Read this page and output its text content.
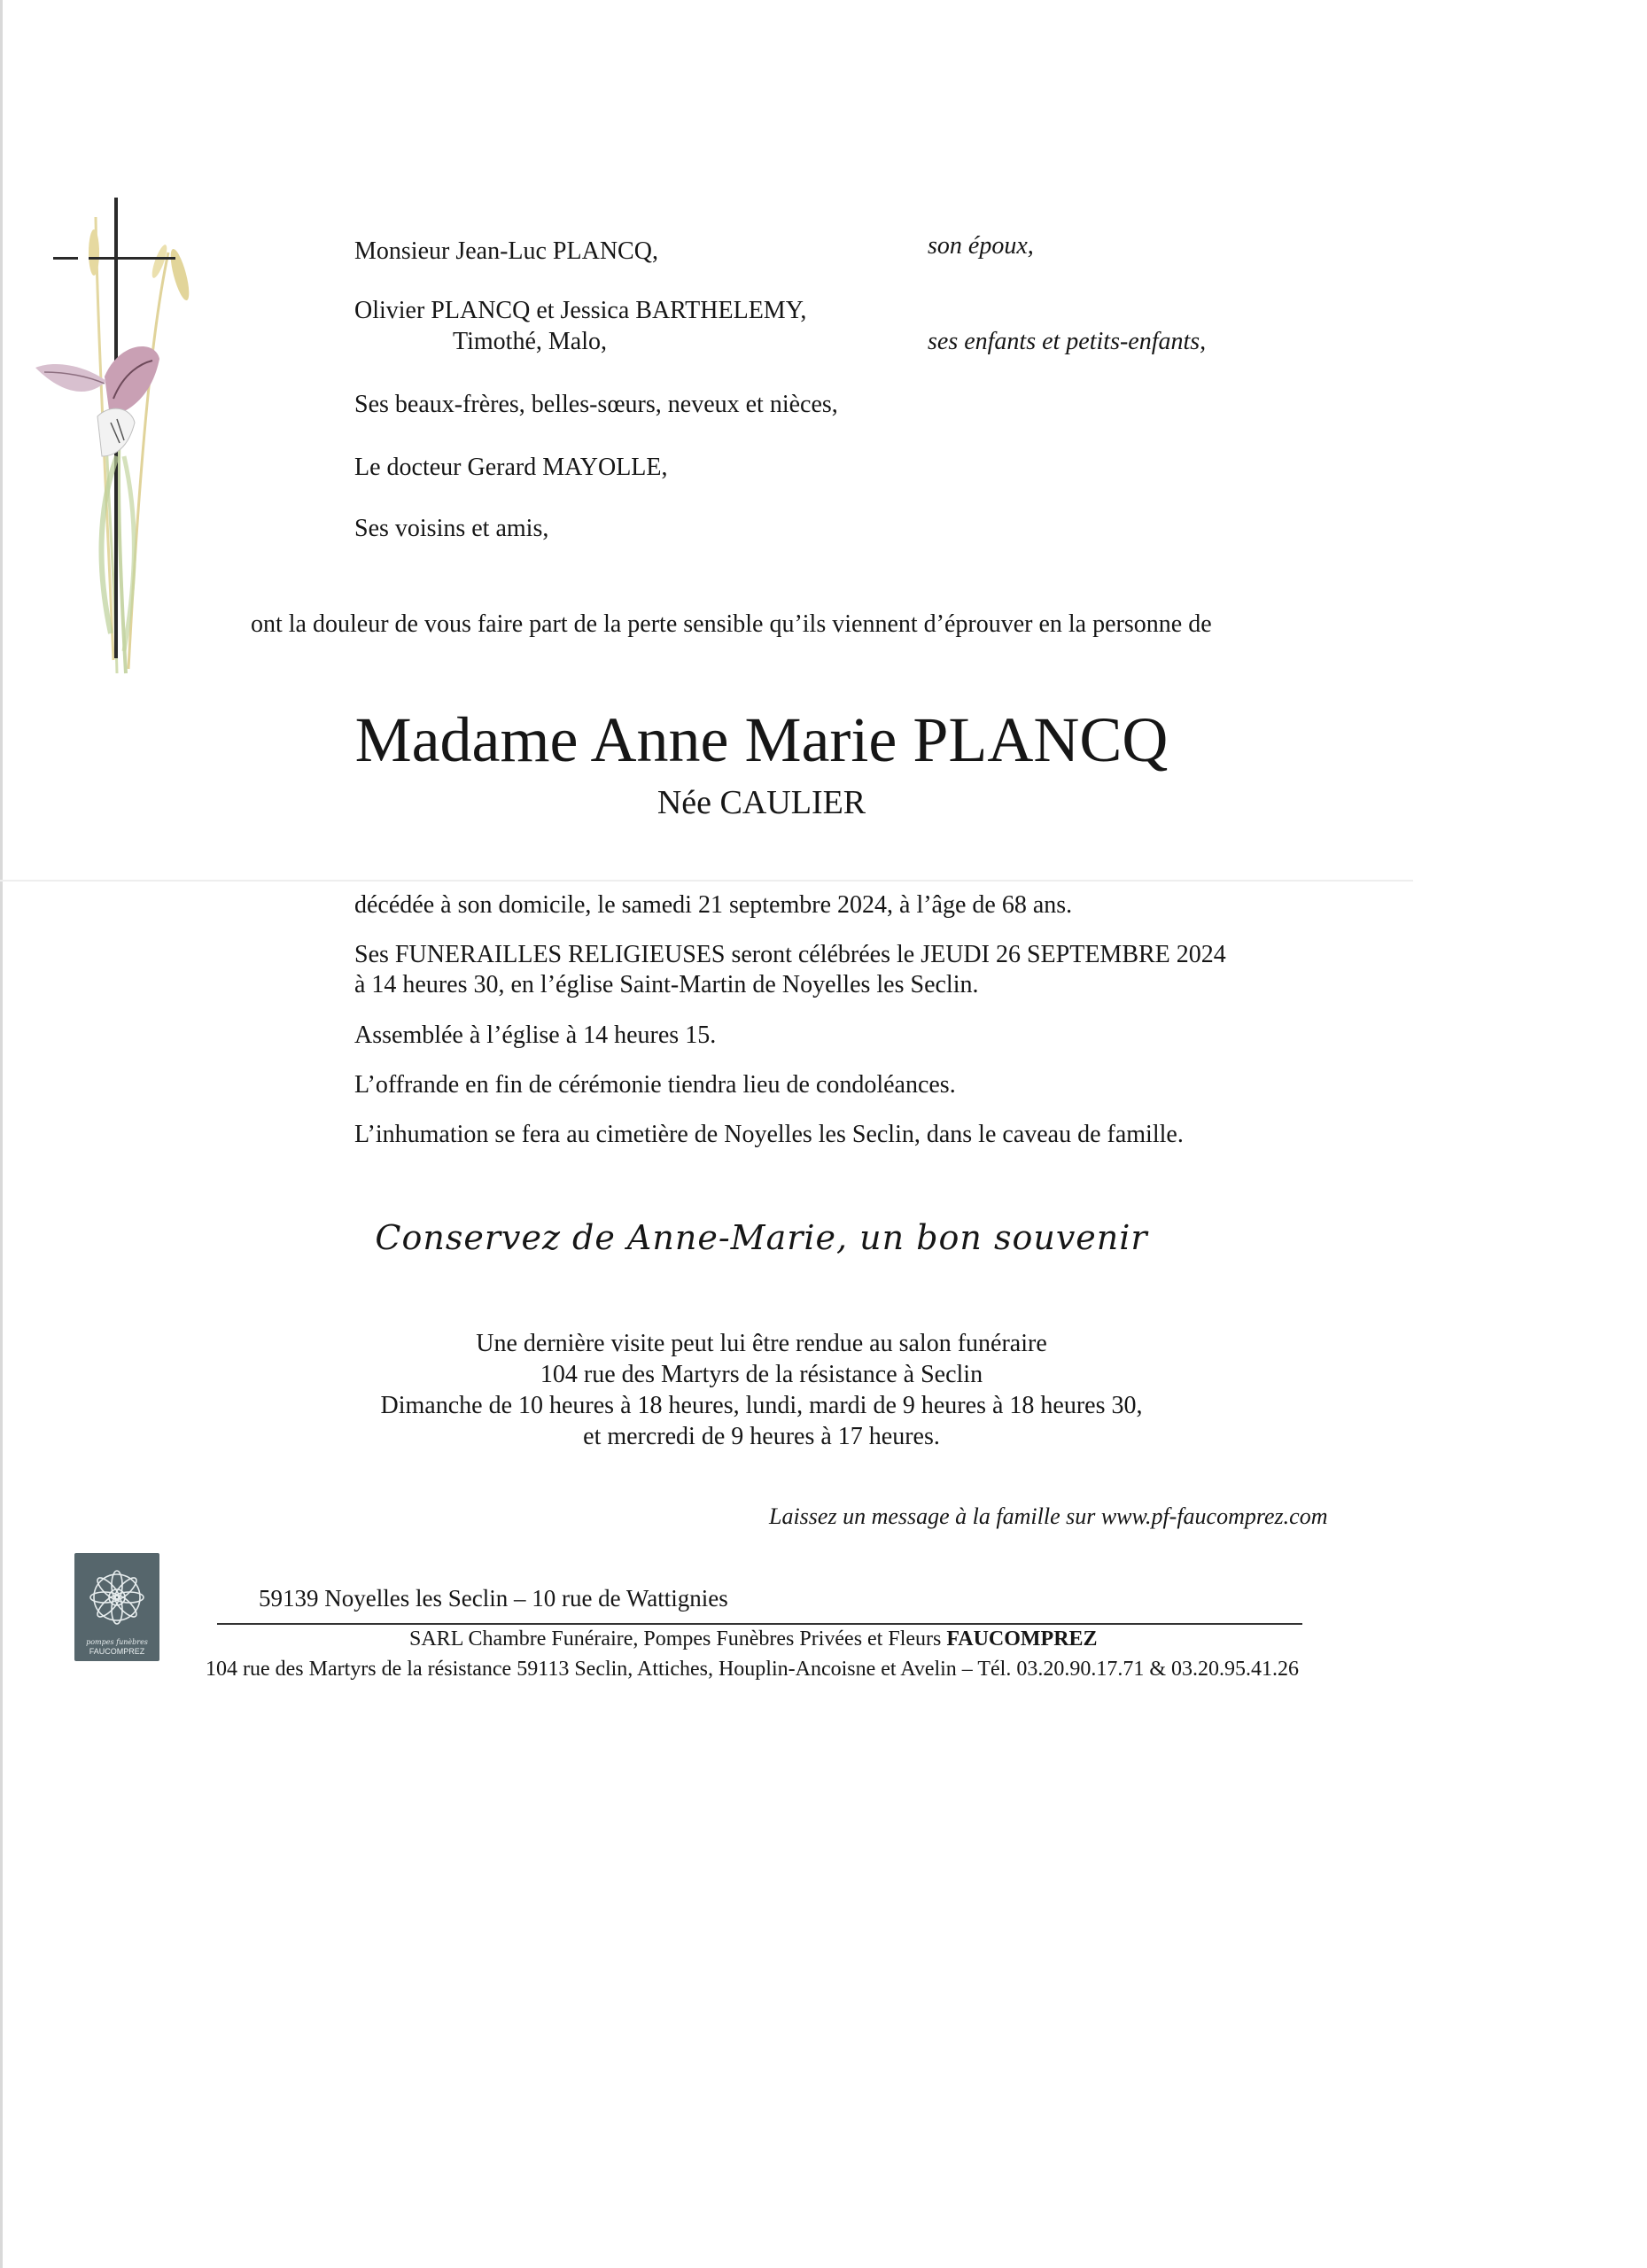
Monsieur Jean-Luc PLANCQ,	son époux,
Olivier PLANCQ et Jessica BARTHELEMY,
Timothé, Malo,	ses enfants et petits-enfants,
Ses beaux-frères, belles-sœurs, neveux et nièces,
Le docteur Gerard MAYOLLE,
Ses voisins et amis,
ont la douleur de vous faire part de la perte sensible qu’ils viennent d’éprouver en la personne de
Madame Anne Marie PLANCQ
Née CAULIER
décédée à son domicile, le samedi 21 septembre 2024, à l’âge de 68 ans.
Ses FUNERAILLES RELIGIEUSES seront célébrées le JEUDI 26 SEPTEMBRE 2024
à 14 heures 30, en l’église Saint-Martin de Noyelles les Seclin.
Assemblée à l’église à 14 heures 15.
L’offrande en fin de cérémonie tiendra lieu de condoléances.
L’inhumation se fera au cimetière de Noyelles les Seclin, dans le caveau de famille.
Conservez de Anne-Marie, un bon souvenir
Une dernière visite peut lui être rendue au salon funéraire
104 rue des Martyrs de la résistance à Seclin
Dimanche de 10 heures à 18 heures, lundi, mardi de 9 heures à 18 heures 30,
et mercredi de 9 heures à 17 heures.
Laissez un message à la famille sur www.pf-faucomprez.com
pompes funèbres
FAUCOMPREZ
59139 Noyelles les Seclin – 10 rue de Wattignies
SARL Chambre Funéraire, Pompes Funèbres Privées et Fleurs FAUCOMPREZ
104 rue des Martyrs de la résistance 59113 Seclin, Attiches, Houplin-Ancoisne et Avelin – Tél. 03.20.90.17.71 & 03.20.95.41.26
